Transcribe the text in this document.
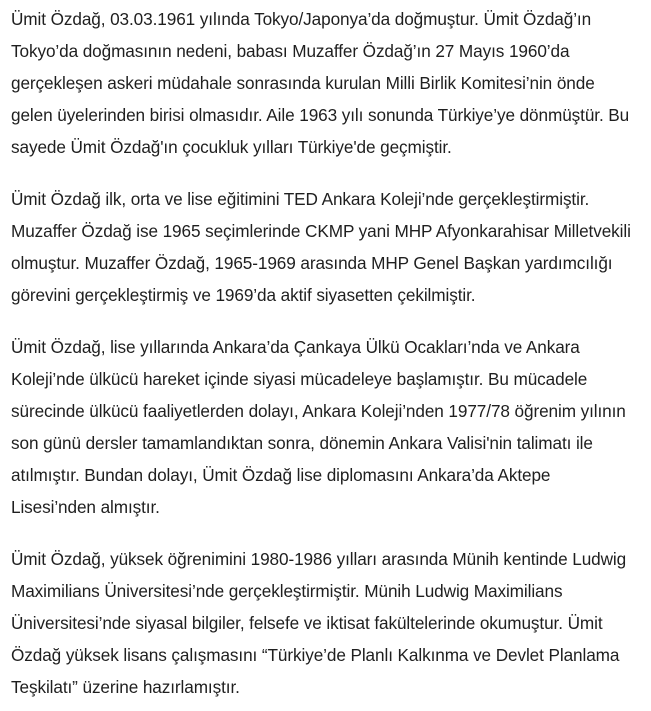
Ümit Özdağ, 03.03.1961 yılında Tokyo/Japonya’da doğmuştur. Ümit Özdağ’ın Tokyo’da doğmasının nedeni, babası Muzaffer Özdağ’ın 27 Mayıs 1960’da gerçekleşen askeri müdahale sonrasında kurulan Milli Birlik Komitesi’nin önde gelen üyelerinden birisi olmasıdır. Aile 1963 yılı sonunda Türkiye’ye dönmüştür. Bu sayede Ümit Özdağ'ın çocukluk yılları Türkiye'de geçmiştir.

Ümit Özdağ ilk, orta ve lise eğitimini TED Ankara Koleji’nde gerçekleştirmiştir. Muzaffer Özdağ ise 1965 seçimlerinde CKMP yani MHP Afyonkarahisar Milletvekili olmuştur. Muzaffer Özdağ, 1965-1969 arasında MHP Genel Başkan yardımcılığı görevini gerçekleştirmiş ve 1969’da aktif siyasetten çekilmiştir.

Ümit Özdağ, lise yıllarında Ankara’da Çankaya Ülkü Ocakları’nda ve Ankara Koleji’nde ülkücü hareket içinde siyasi mücadeleye başlamıştır. Bu mücadele sürecinde ülkücü faaliyetlerden dolayı, Ankara Koleji’nden 1977/78 öğrenim yılının son günü dersler tamamlandıktan sonra, dönemin Ankara Valisi'nin talimatı ile atılmıştır. Bundan dolayı, Ümit Özdağ lise diplomasını Ankara’da Aktepe Lisesi’nden almıştır.

Ümit Özdağ, yüksek öğrenimini 1980-1986 yılları arasında Münih kentinde Ludwig Maximilians Üniversitesi’nde gerçekleştirmiştir. Münih Ludwig Maximilians Üniversitesi’nde siyasal bilgiler, felsefe ve iktisat fakültelerinde okumuştur. Ümit Özdağ yüksek lisans çalışmasını “Türkiye’de Planlı Kalkınma ve Devlet Planlama Teşkilatı” üzerine hazırlamıştır.
